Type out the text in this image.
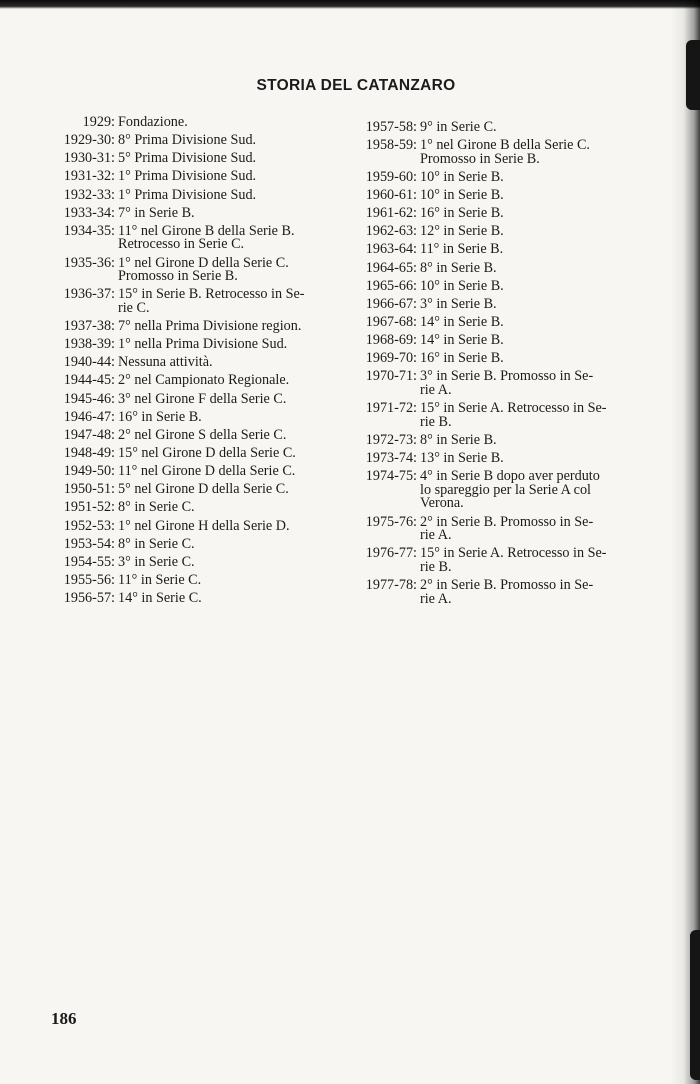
STORIA DEL CATANZARO
1929: Fondazione.
1929-30: 8° Prima Divisione Sud.
1930-31: 5° Prima Divisione Sud.
1931-32: 1° Prima Divisione Sud.
1932-33: 1° Prima Divisione Sud.
1933-34: 7° in Serie B.
1934-35: 11° nel Girone B della Serie B.
Retrocesso in Serie C.
1935-36: 1° nel Girone D della Serie C.
Promosso in Serie B.
1936-37: 15° in Serie B. Retrocesso in Se-
rie C.
1937-38: 7° nella Prima Divisione region.
1938-39: 1° nella Prima Divisione Sud.
1940-44: Nessuna attività.
1944-45: 2° nel Campionato Regionale.
1945-46: 3° nel Girone F della Serie C.
1946-47: 16° in Serie B.
1947-48: 2° nel Girone S della Serie C.
1948-49: 15° nel Girone D della Serie C.
1949-50: 11° nel Girone D della Serie C.
1950-51: 5° nel Girone D della Serie C.
1951-52: 8° in Serie C.
1952-53: 1° nel Girone H della Serie D.
1953-54: 8° in Serie C.
1954-55: 3° in Serie C.
1955-56: 11° in Serie C.
1956-57: 14° in Serie C.
1957-58: 9° in Serie C.
1958-59: 1° nel Girone B della Serie C.
Promosso in Serie B.
1959-60: 10° in Serie B.
1960-61: 10° in Serie B.
1961-62: 16° in Serie B.
1962-63: 12° in Serie B.
1963-64: 11° in Serie B.
1964-65: 8° in Serie B.
1965-66: 10° in Serie B.
1966-67: 3° in Serie B.
1967-68: 14° in Serie B.
1968-69: 14° in Serie B.
1969-70: 16° in Serie B.
1970-71: 3° in Serie B. Promosso in Se-
rie A.
1971-72: 15° in Serie A. Retrocesso in Se-
rie B.
1972-73: 8° in Serie B.
1973-74: 13° in Serie B.
1974-75: 4° in Serie B dopo aver perduto
lo spareggio per la Serie A col
Verona.
1975-76: 2° in Serie B. Promosso in Se-
rie A.
1976-77: 15° in Serie A. Retrocesso in Se-
rie B.
1977-78: 2° in Serie B. Promosso in Se-
rie A.
186
